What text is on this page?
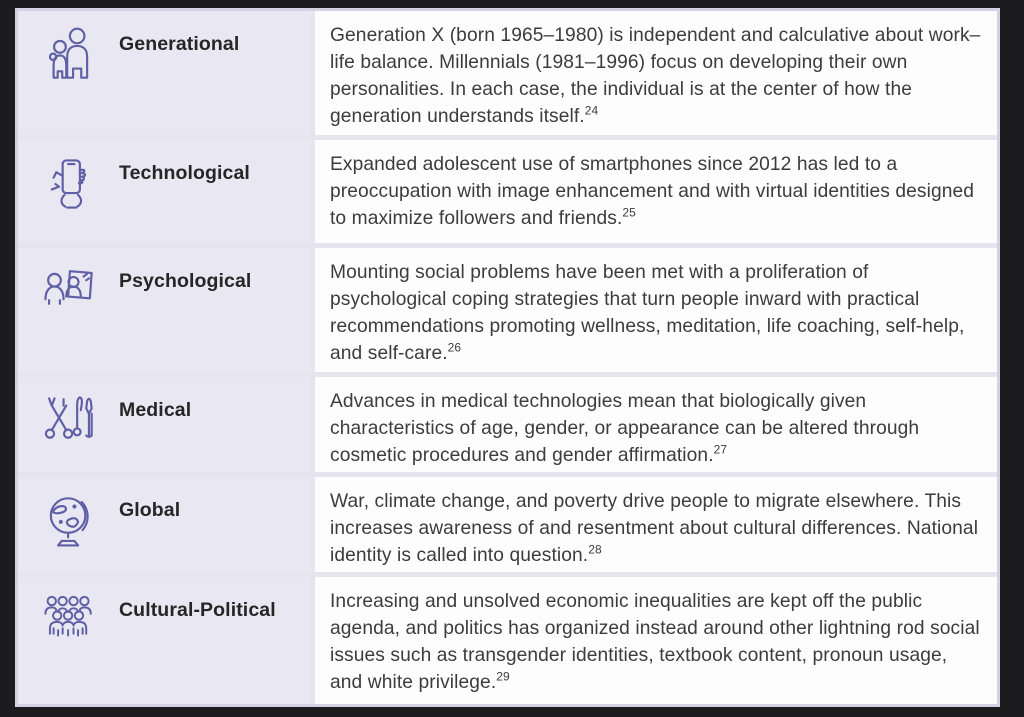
Generational	Generation X (born 1965–1980) is independent and calculative about work–life balance. Millennials (1981–1996) focus on developing their own personalities. In each case, the individual is at the center of how the generation understands itself.$^{24}$

Technological	Expanded adolescent use of smartphones since 2012 has led to a preoccupation with image enhancement and with virtual identities designed to maximize followers and friends.$^{25}$

Psychological	Mounting social problems have been met with a proliferation of psychological coping strategies that turn people inward with practical recommendations promoting wellness, meditation, life coaching, self-help, and self-care.$^{26}$

Medical	Advances in medical technologies mean that biologically given characteristics of age, gender, or appearance can be altered through cosmetic procedures and gender affirmation.$^{27}$

Global	War, climate change, and poverty drive people to migrate elsewhere. This increases awareness of and resentment about cultural differences. National identity is called into question.$^{28}$

Cultural-Political	Increasing and unsolved economic inequalities are kept off the public agenda, and politics has organized instead around other lightning rod social issues such as transgender identities, textbook content, pronoun usage, and white privilege.$^{29}$
